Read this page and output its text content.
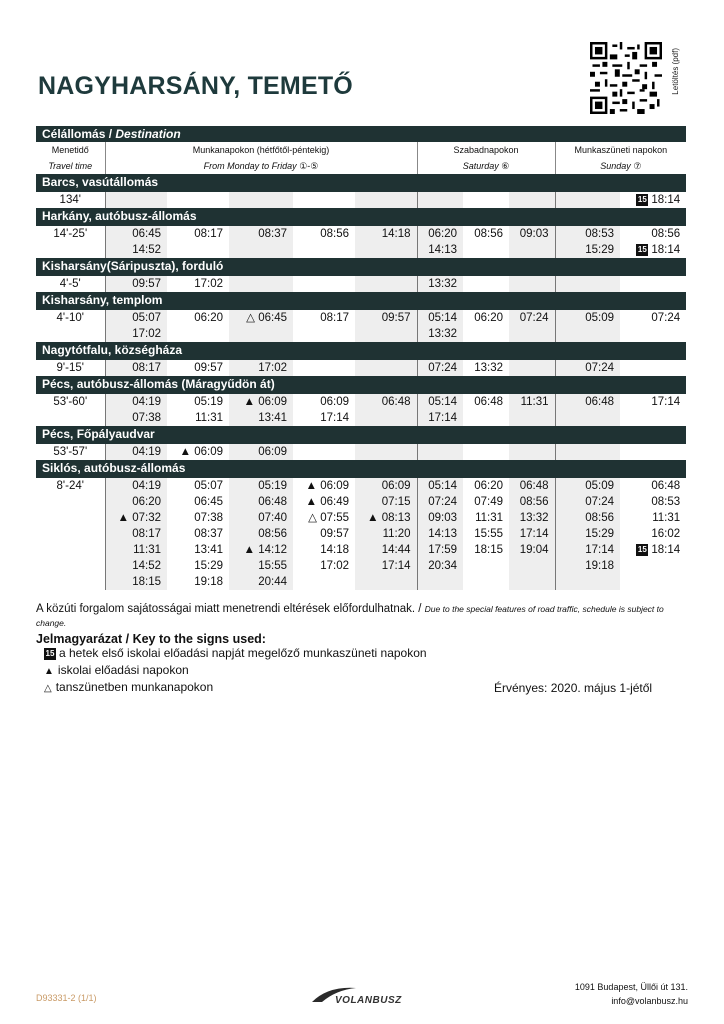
NAGYHARSÁNY, TEMETŐ	Letöltés (pdf)
Célállomás / Destination										
Menetidő
Travel time	Munkanapokon (hétfőtől-péntekig)
From Monday to Friday ①-⑤					Szabadnapokon
Saturday ⑥			Munkaszüneti napokon
Sunday ⑦	
Barcs, vasútállomás										
134'										15 18:14
Harkány, autóbusz-állomás										
14'-25'	06:45	08:17	08:37	08:56	14:18	06:20	08:56	09:03	08:53	08:56
	14:52					14:13			15:29	15 18:14
Kisharsány(Sáripuszta), forduló										
4'-5'	09:57	17:02				13:32				
Kisharsány, templom										
4'-10'	05:07	06:20	△ 06:45	08:17	09:57	05:14	06:20	07:24	05:09	07:24
	17:02					13:32				
Nagytótfalu, községháza										
9'-15'	08:17	09:57	17:02			07:24	13:32		07:24	
Pécs, autóbusz-állomás (Máragyűdön át)										
53'-60'	04:19	05:19	▲ 06:09	06:09	06:48	05:14	06:48	11:31	06:48	17:14
	07:38	11:31	13:41	17:14		17:14				
Pécs, Főpályaudvar										
53'-57'	04:19	▲ 06:09	06:09							
Siklós, autóbusz-állomás										
8'-24'	04:19	05:07	05:19	▲ 06:09	06:09	05:14	06:20	06:48	05:09	06:48
	06:20	06:45	06:48	▲ 06:49	07:15	07:24	07:49	08:56	07:24	08:53
	▲ 07:32	07:38	07:40	△ 07:55	▲ 08:13	09:03	11:31	13:32	08:56	11:31
	08:17	08:37	08:56	09:57	11:20	14:13	15:55	17:14	15:29	16:02
	11:31	13:41	▲ 14:12	14:18	14:44	17:59	18:15	19:04	17:14	15 18:14
	14:52	15:29	15:55	17:02	17:14	20:34			19:18	
	18:15	19:18	20:44							
A közúti forgalom sajátosságai miatt menetrendi eltérések előfordulhatnak. / Due to the special features of road traffic, schedule is subject to change.
Jelmagyarázat / Key to the signs used:
15 a hetek első iskolai előadási napját megelőző munkaszüneti napokon
▲ iskolai előadási napokon
△ tanszünetben munkanapokon	Érvényes: 2020. május 1-jétől
D93331-2 (1/1)	VOLANBUSZ
1091 Budapest, Üllői út 131.
info@volanbusz.hu
